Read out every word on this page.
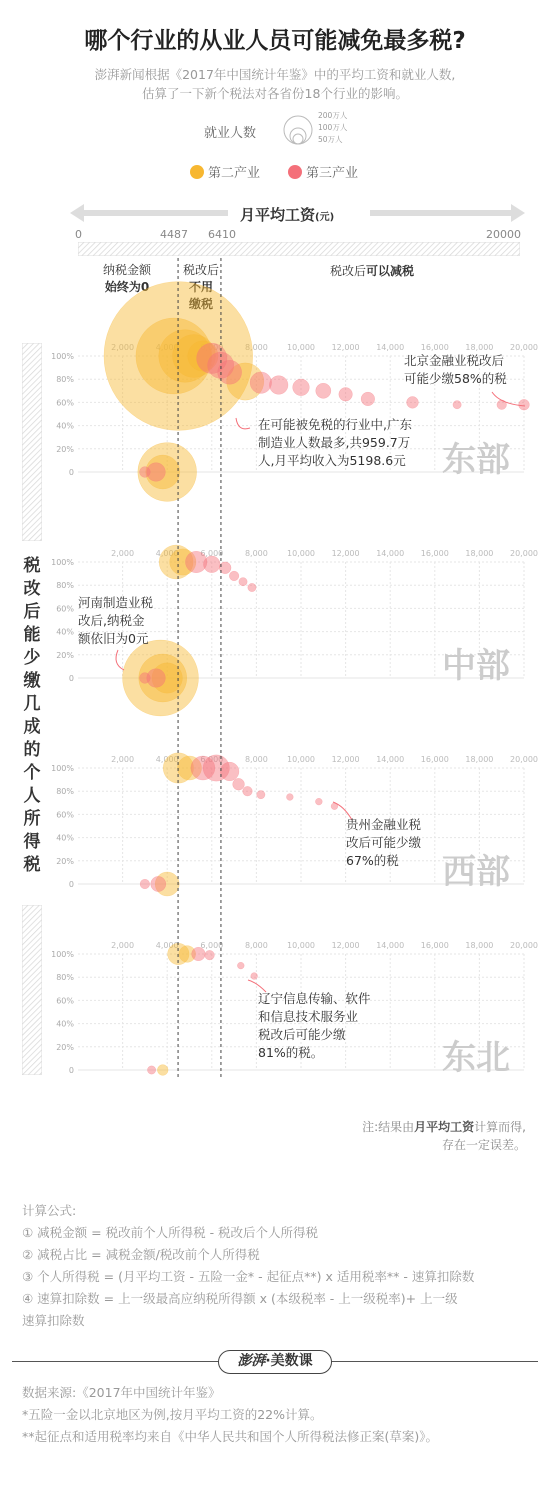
哪个行业的从业人员可能减免最多税?
澎湃新闻根据《2017年中国统计年鉴》中的平均工资和就业人数,
估算了一下新个税法对各省份18个行业的影响。
就业人数
200万人
100万人
50万人
第二产业	第三产业
月平均工资(元)
0	4487 6410	20000
纳税金额
始终为0
税改后
不用
缴税
税改后可以减税
税
改
后
能
少
缴
几
成
的
个
人
所
得
税
100%
80%
60%
40%
20%
0
2,000	4,000	6,000	8,000 10,000 12,000 14,000 16,000 18,000 20,000
100%
80%
60%
40%
20%
0
2,000	4,000	6,000	8,000 10,000 12,000 14,000 16,000 18,000 20,000
100%
80%
60%
40%
20%
0
2,000	4,000	6,000	8,000 10,000 12,000 14,000 16,000 18,000 20,000
100%
80%
60%
40%
20%
0
2,000	4,000	6,000	8,000 10,000 12,000 14,000 16,000 18,000 20,000
东部
中部
西部
东北
北京金融业税改后
可能少缴58%的税
在可能被免税的行业中,广东
制造业人数最多,共959.7万
人,月平均收入为5198.6元
河南制造业税
改后,纳税金
额依旧为0元
贵州金融业税
改后可能少缴
67%的税
辽宁信息传输、软件
和信息技术服务业
税改后可能少缴
81%的税。
注:结果由月平均工资计算而得,
存在一定误差。
计算公式:
① 减税金额 = 税改前个人所得税 - 税改后个人所得税
② 减税占比 = 减税金额/税改前个人所得税
③ 个人所得税 = (月平均工资 - 五险一金* - 起征点**) x 适用税率** - 速算扣除数
④ 速算扣除数 = 上一级最高应纳税所得额 x (本级税率 - 上一级税率)+ 上一级
速算扣除数
澎湃·美数课
数据来源:《2017年中国统计年鉴》
*五险一金以北京地区为例,按月平均工资的22%计算。
**起征点和适用税率均来自《中华人民共和国个人所得税法修正案(草案)》。
